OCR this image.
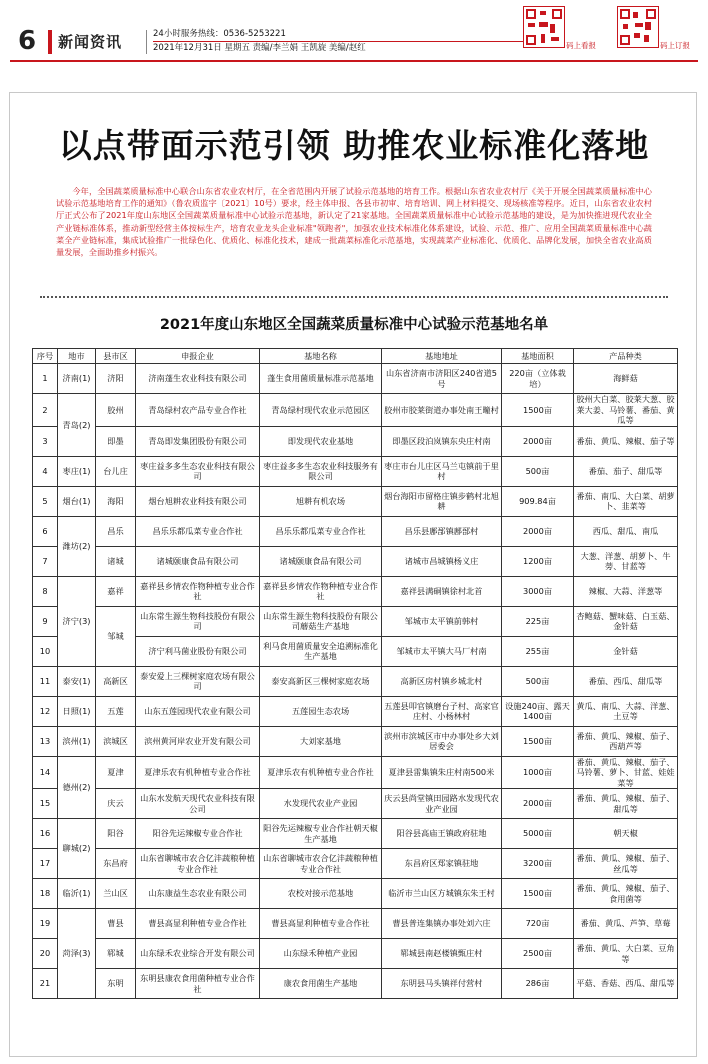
6 新闻资讯	24小时服务热线：0536-5253221
2021年12月31日 星期五 责编/李兰娟 王凯旋 美编/赵红	码上看报	码上订报
以点带面示范引领 助推农业标准化落地
今年，全国蔬菜质量标准中心联合山东省农业农村厅，在全省范围内开展了试验示范基地的培育工作。根据山东省农业农村厅《关于开展全国蔬菜质量标准中心试验示范基地培育工作的通知》（鲁农质监字〔2021〕10号）要求，经主体申报、各县市初审、培育培训、网上材料提交、现场核准等程序。近日，山东省农业农村厅正式公布了2021年度山东地区全国蔬菜质量标准中心试验示范基地，新认定了21家基地。全国蔬菜质量标准中心试验示范基地的建设，是为加快推进现代农业全产业链标准体系，推动新型经营主体按标生产，培育农业龙头企业标准"领跑者"，加强农业技术标准化体系建设，试验、示范、推广、应用全国蔬菜质量标准中心蔬菜全产业链标准，集成试验推广一批绿色化、优质化、标准化技术，建成一批蔬菜标准化示范基地，实现蔬菜产业标准化、优质化、品牌化发展，加快全省农业高质量发展，全面助推乡村振兴。
2021年度山东地区全国蔬菜质量标准中心试验示范基地名单
序号	地市	县市区	申报企业	基地名称	基地地址	基地面积	产品种类
1	济南(1)	济阳	济南蓬生农业科技有限公司	蓬生食用菌质量标准示范基地	山东省济南市济阳区240省道5号	220亩（立体栽培）	海鲜菇
2	青岛(2)	胶州	青岛绿村农产品专业合作社	青岛绿村现代农业示范园区	胶州市胶莱街道办事处南王疃村	1500亩	胶州大白菜、胶莱大葱、胶莱大姜、马铃薯、番茄、黄瓜等
3		即墨	青岛即发集团股份有限公司	即发现代农业基地	即墨区段泊岚镇东央庄村南	2000亩	番茄、黄瓜、辣椒、茄子等
4	枣庄(1)	台儿庄	枣庄益多多生态农业科技有限公司	枣庄益多多生态农业科技服务有限公司	枣庄市台儿庄区马兰屯镇前于里村	500亩	番茄、茄子、甜瓜等
5	烟台(1)	海阳	烟台旭耕农业科技有限公司	旭耕有机农场	烟台海阳市留格庄镇步鹤村北旭耕	909.84亩	番茄、南瓜、大白菜、胡萝卜、韭菜等
6	潍坊(2)	昌乐	昌乐乐都瓜菜专业合作社	昌乐乐都瓜菜专业合作社	昌乐县鄌郚镇鄌郚村	2000亩	西瓜、甜瓜、南瓜
7		诸城	诸城颐康食品有限公司	诸城颐康食品有限公司	诸城市昌城镇杨义庄	1200亩	大葱、洋葱、胡萝卜、牛蒡、甘蓝等
8	济宁(3)	嘉祥	嘉祥县乡情农作物种植专业合作社	嘉祥县乡情农作物种植专业合作社	嘉祥县满硐镇徐村北首	3000亩	辣椒、大蒜、洋葱等
9		邹城	山东常生源生物科技股份有限公司	山东常生源生物科技股份有限公司蘑菇生产基地	邹城市太平镇前韩村	225亩	杏鲍菇、蟹味菇、白玉菇、金针菇
10			济宁利马菌业股份有限公司	利马食用菌质量安全追溯标准化生产基地	邹城市太平镇大马厂村南	255亩	金针菇
11	泰安(1)	高新区	泰安爱上三棵树家庭农场有限公司	泰安高新区三棵树家庭农场	高新区房村镇乡城北村	500亩	番茄、西瓜、甜瓜等
12	日照(1)	五莲	山东五莲园现代农业有限公司	五莲园生态农场	五莲县叩官镇磨台子村、高家官庄村、小杨林村	设施240亩、露天1400亩	黄瓜、南瓜、大蒜、洋葱、土豆等
13	滨州(1)	滨城区	滨州黄河岸农业开发有限公司	大刘家基地	滨州市滨城区市中办事处乡大刘居委会	1500亩	番茄、黄瓜、辣椒、茄子、西葫芦等
14	德州(2)	夏津	夏津乐农有机种植专业合作社	夏津乐农有机种植专业合作社	夏津县雷集镇朱庄村南500米	1000亩	番茄、黄瓜、辣椒、茄子、马铃薯、萝卜、甘蓝、娃娃菜等
15		庆云	山东水发航天现代农业科技有限公司	水发现代农业产业园	庆云县尚堂镇田园路水发现代农业产业园	2000亩	番茄、黄瓜、辣椒、茄子、甜瓜等
16	聊城(2)	阳谷	阳谷先运辣椒专业合作社	阳谷先运辣椒专业合作社朝天椒生产基地	阳谷县高庙王镇政府驻地	5000亩	朝天椒
17		东昌府	山东省聊城市农合亿沣蔬粮种植专业合作社	山东省聊城市农合亿沣蔬粮种植专业合作社	东昌府区郑家镇驻地	3200亩	番茄、黄瓜、辣椒、茄子、丝瓜等
18	临沂(1)	兰山区	山东康益生态农业有限公司	农校对接示范基地	临沂市兰山区方城镇东朱王村	1500亩	番茄、黄瓜、辣椒、茄子、食用菌等
19	菏泽(3)	曹县	曹县高显利种植专业合作社	曹县高显利种植专业合作社	曹县普连集镇办事处刘六庄	720亩	番茄、黄瓜、芦笋、草莓
20		郓城	山东绿禾农业综合开发有限公司	山东绿禾种植产业园	郓城县南赵楼镇甄庄村	2500亩	番茄、黄瓜、大白菜、豆角等
21		东明	东明县康农食用菌种植专业合作社	康农食用菌生产基地	东明县马头镇祥付营村	286亩	平菇、香菇、西瓜、甜瓜等
